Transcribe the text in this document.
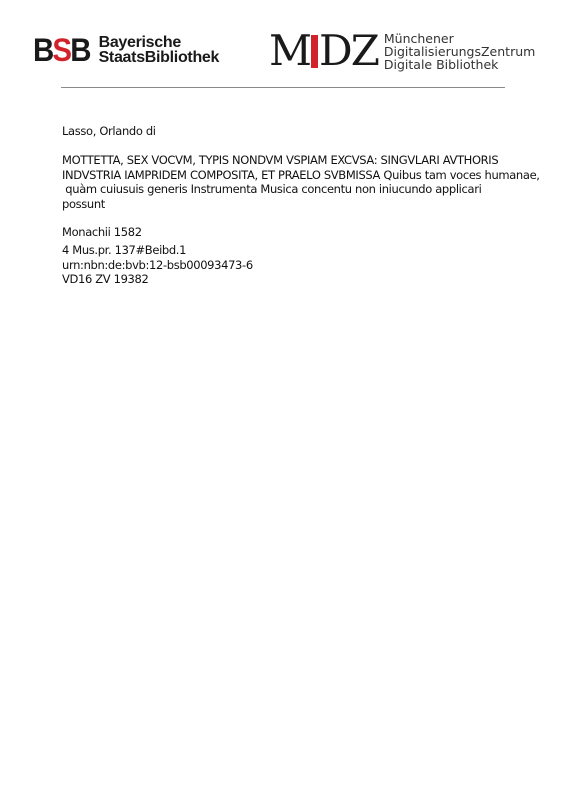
B S B Bayerische
StaatsBibliothek M DZ Münchener
DigitalisierungsZentrum
Digitale Bibliothek
Lasso, Orlando di
MOTTETTA, SEX VOCVM, TYPIS NONDVM VSPIAM EXCVSA: SINGVLARI AVTHORIS
INDVSTRIA IAMPRIDEM COMPOSITA, ET PRAELO SVBMISSA Quibus tam voces humanae,
quàm cuiusuis generis Instrumenta Musica concentu non iniucundo applicari
possunt
Monachii 1582
4 Mus.pr. 137#Beibd.1
urn:nbn:de:bvb:12-bsb00093473-6
VD16 ZV 19382
